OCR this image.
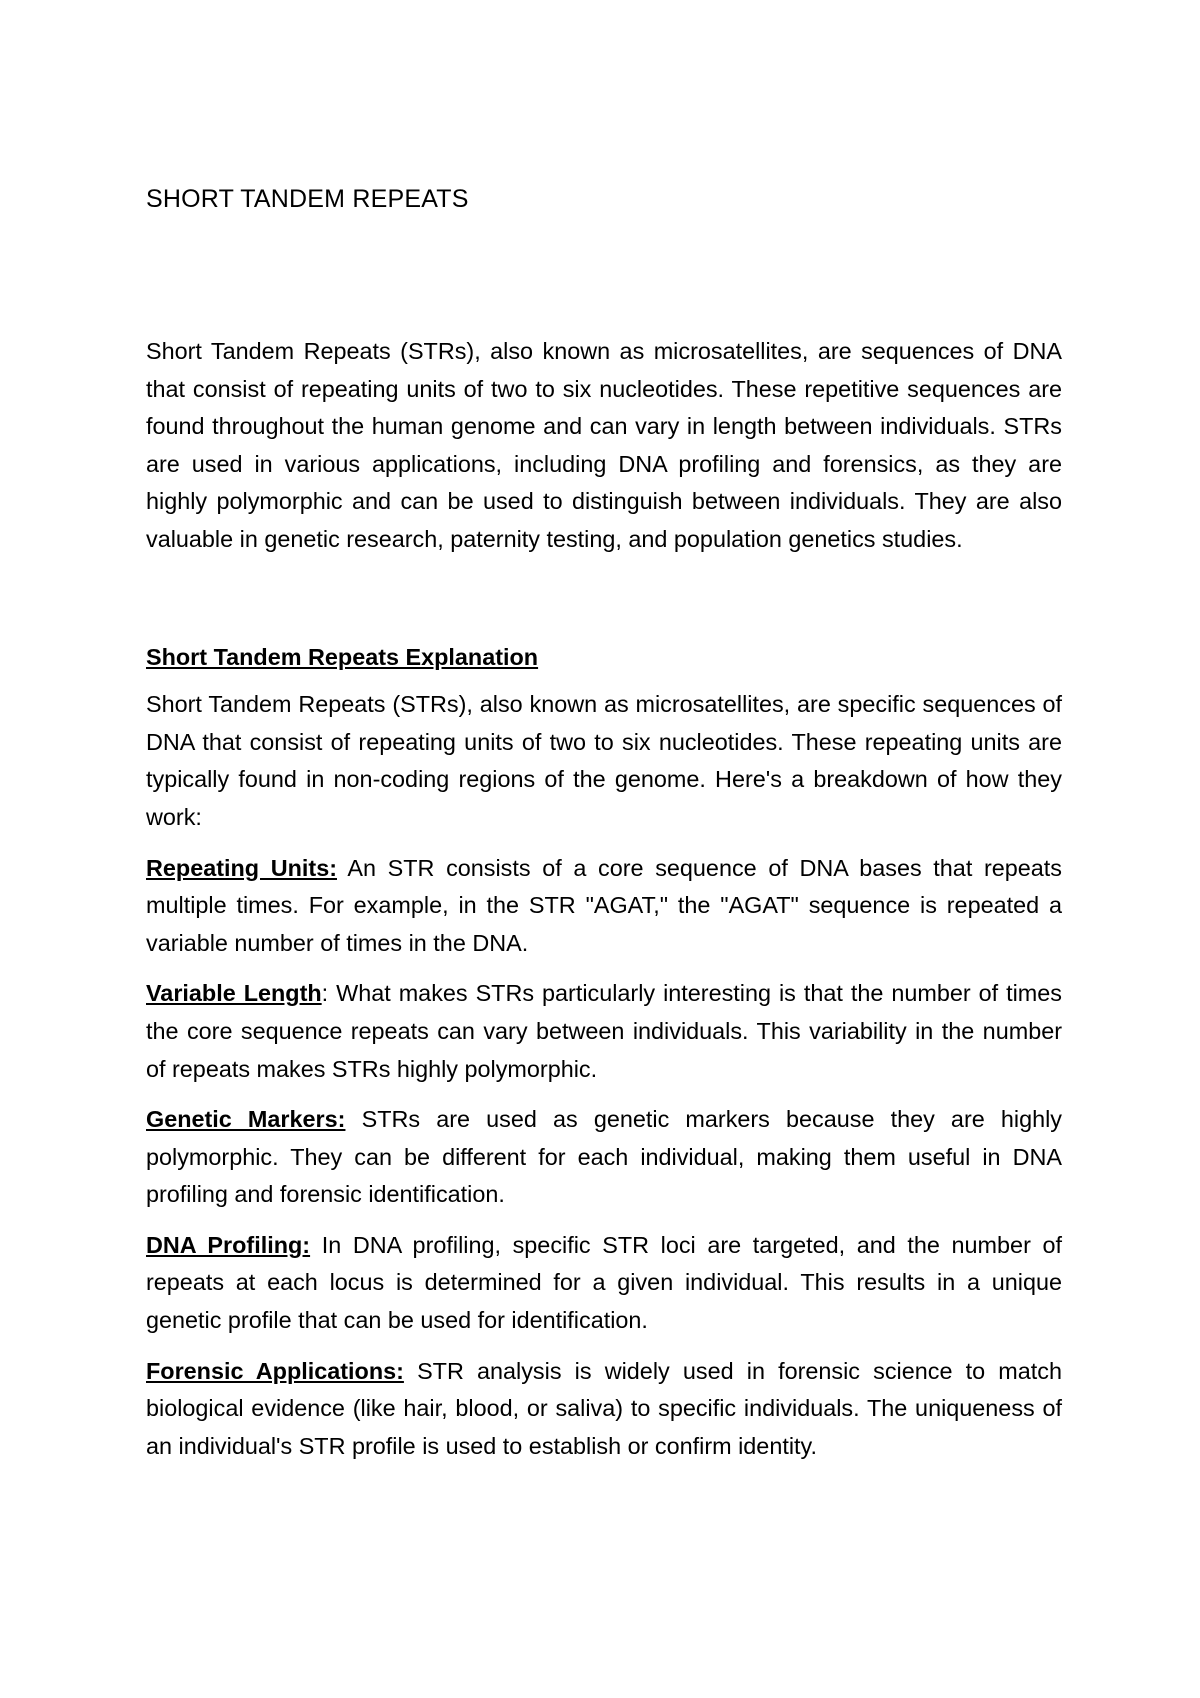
SHORT TANDEM REPEATS

Short Tandem Repeats (STRs), also known as microsatellites, are sequences of DNA that consist of repeating units of two to six nucleotides. These repetitive sequences are found throughout the human genome and can vary in length between individuals. STRs are used in various applications, including DNA profiling and forensics, as they are highly polymorphic and can be used to distinguish between individuals. They are also valuable in genetic research, paternity testing, and population genetics studies.

Short Tandem Repeats Explanation

Short Tandem Repeats (STRs), also known as microsatellites, are specific sequences of DNA that consist of repeating units of two to six nucleotides. These repeating units are typically found in non-coding regions of the genome. Here's a breakdown of how they work:

Repeating Units: An STR consists of a core sequence of DNA bases that repeats multiple times. For example, in the STR "AGAT," the "AGAT" sequence is repeated a variable number of times in the DNA.

Variable Length: What makes STRs particularly interesting is that the number of times the core sequence repeats can vary between individuals. This variability in the number of repeats makes STRs highly polymorphic.

Genetic Markers: STRs are used as genetic markers because they are highly polymorphic. They can be different for each individual, making them useful in DNA profiling and forensic identification.

DNA Profiling: In DNA profiling, specific STR loci are targeted, and the number of repeats at each locus is determined for a given individual. This results in a unique genetic profile that can be used for identification.

Forensic Applications: STR analysis is widely used in forensic science to match biological evidence (like hair, blood, or saliva) to specific individuals. The uniqueness of an individual's STR profile is used to establish or confirm identity.
